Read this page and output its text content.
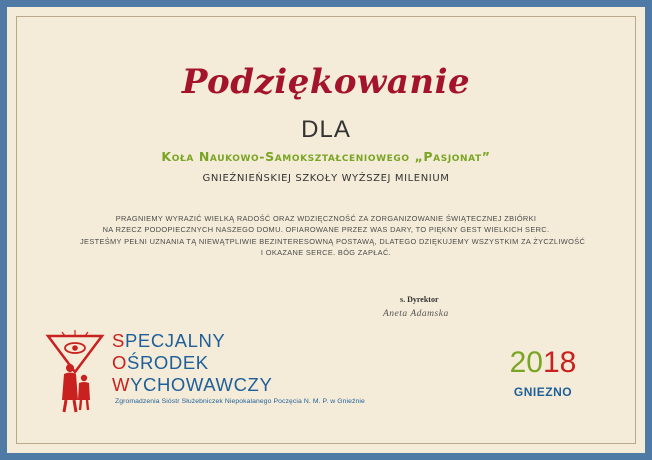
Podziękowanie
DLA
Koła Naukowo-Samokształceniowego „Pasjonat”
GNIEŹNIEŃSKIEJ SZKOŁY WYŻSZEJ MILENIUM
PRAGNIEMY WYRAZIĆ WIELKĄ RADOŚĆ ORAZ WDZIĘCZNOŚĆ ZA ZORGANIZOWANIE ŚWIĄTECZNEJ ZBIÓRKI
NA RZECZ PODOPIECZNYCH NASZEGO DOMU. OFIAROWANE PRZEZ WAS DARY, TO PIĘKNY GEST WIELKICH SERC.
JESTEŚMY PEŁNI UZNANIA TĄ NIEWĄTPLIWIE BEZINTERESOWNĄ POSTAWĄ, DLATEGO DZIĘKUJEMY WSZYSTKIM ZA ŻYCZLIWOŚĆ
I OKAZANE SERCE. BÓG ZAPŁAĆ.
s. Dyrektor
Aneta Adamska
SPECJALNY
OŚRODEK
WYCHOWAWCZY
Zgromadzenia Sióstr Służebniczek Niepokalanego Poczęcia N. M. P. w Gnieźnie
2018
GNIEZNO
